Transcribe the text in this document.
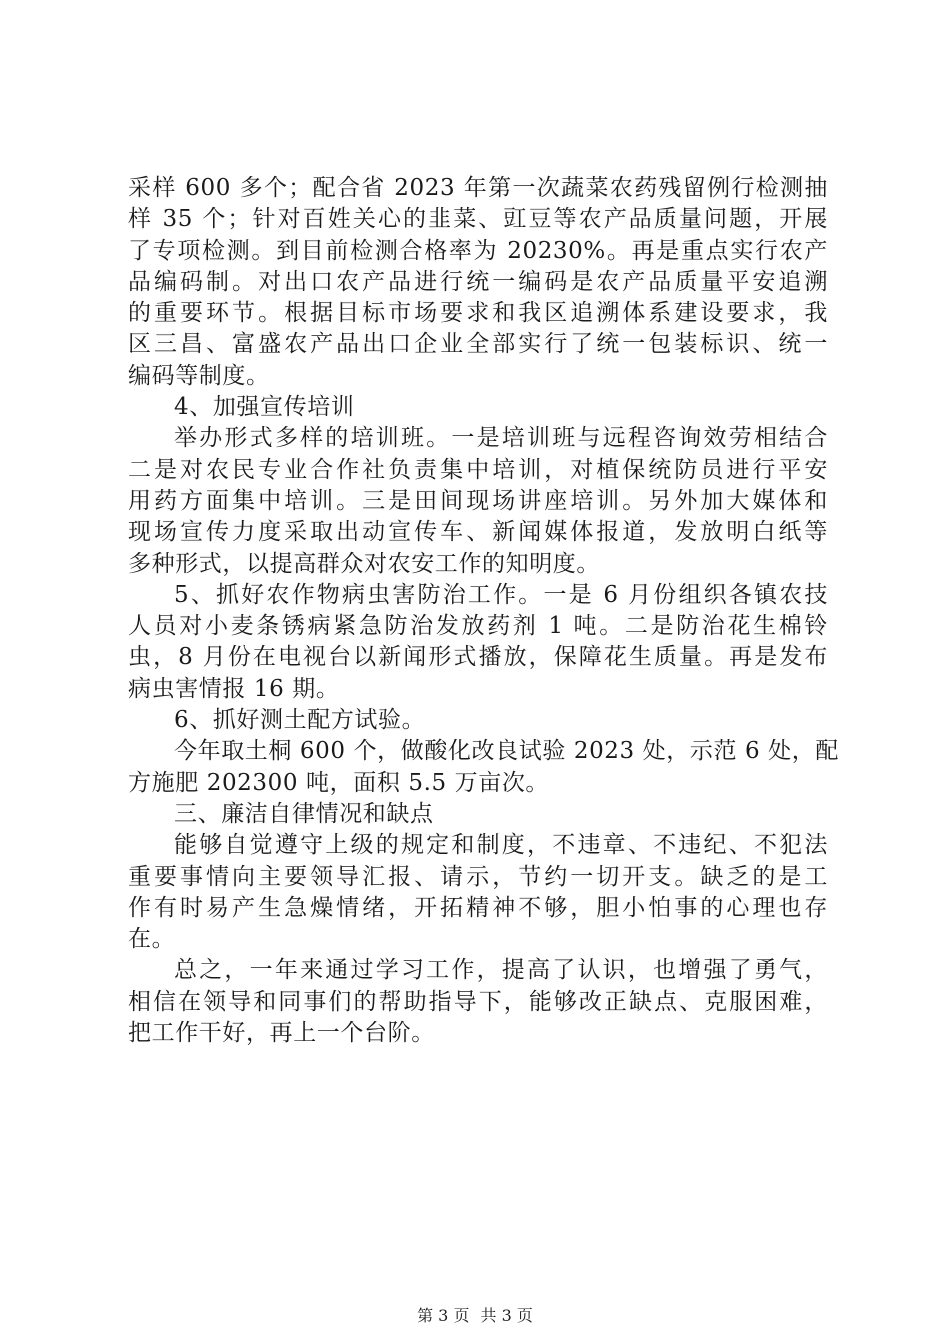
采样 600 多个；配合省 2023 年第一次蔬菜农药残留例行检测抽
样 35 个；针对百姓关心的韭菜、豇豆等农产品质量问题，开展
了专项检测。到目前检测合格率为 20230%。再是重点实行农产
品编码制。对出口农产品进行统一编码是农产品质量平安追溯
的重要环节。根据目标市场要求和我区追溯体系建设要求，我
区三昌、富盛农产品出口企业全部实行了统一包装标识、统一
编码等制度。
4、加强宣传培训
举办形式多样的培训班。一是培训班与远程咨询效劳相结合
二是对农民专业合作社负责集中培训，对植保统防员进行平安
用药方面集中培训。三是田间现场讲座培训。另外加大媒体和
现场宣传力度采取出动宣传车、新闻媒体报道，发放明白纸等
多种形式，以提高群众对农安工作的知明度。
5、抓好农作物病虫害防治工作。一是 6 月份组织各镇农技
人员对小麦条锈病紧急防治发放药剂 1 吨。二是防治花生棉铃
虫，8 月份在电视台以新闻形式播放，保障花生质量。再是发布
病虫害情报 16 期。
6、抓好测土配方试验。
今年取土桐 600 个，做酸化改良试验 2023 处，示范 6 处，配
方施肥 202300 吨，面积 5.5 万亩次。
三、廉洁自律情况和缺点
能够自觉遵守上级的规定和制度，不违章、不违纪、不犯法
重要事情向主要领导汇报、请示，节约一切开支。缺乏的是工
作有时易产生急燥情绪，开拓精神不够，胆小怕事的心理也存
在。
总之，一年来通过学习工作，提高了认识，也增强了勇气，
相信在领导和同事们的帮助指导下，能够改正缺点、克服困难，
把工作干好，再上一个台阶。
第 3 页 共 3 页
